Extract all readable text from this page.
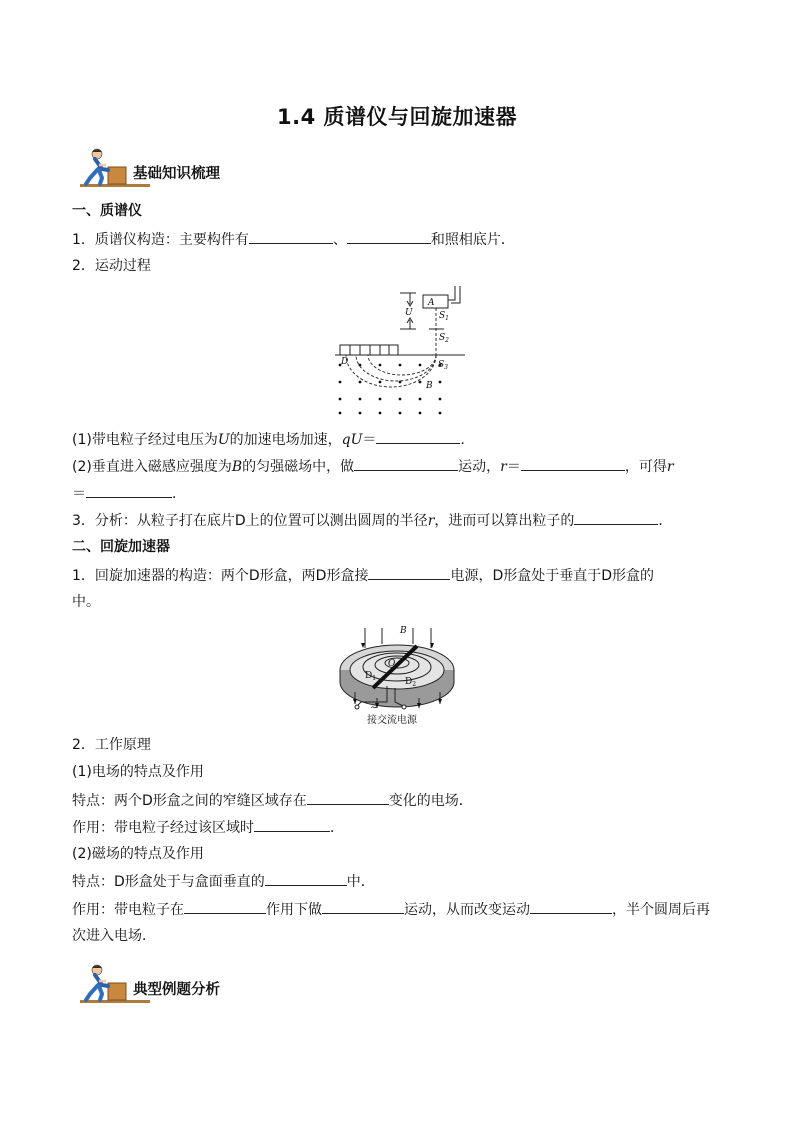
1.4 质谱仪与回旋加速器
基础知识梳理
一、质谱仪
1．质谱仪构造：主要构件有	、	和照相底片．
2．运动过程
A
U	$S_1$
$S_2$
$S_3$
D
B
(1)带电粒子经过电压为U的加速电场加速，qU＝	.
(2)垂直进入磁感应强度为B的匀强磁场中，做	运动，r＝	，可得r
＝	.
3．分析：从粒子打在底片D上的位置可以测出圆周的半径r，进而可以算出粒子的	．
二、回旋加速器
1．回旋加速器的构造：两个D形盒，两D形盒接	电源，D形盒处于垂直于D形盒的
中。
B
O
$D_1$	$D_2$
~
接交流电源
2．工作原理
(1)电场的特点及作用
特点：两个D形盒之间的窄缝区域存在	变化的电场．
作用：带电粒子经过该区域时	．
(2)磁场的特点及作用
特点：D形盒处于与盒面垂直的	中．
作用：带电粒子在	作用下做	运动，从而改变运动	，半个圆周后再
次进入电场．
典型例题分析
